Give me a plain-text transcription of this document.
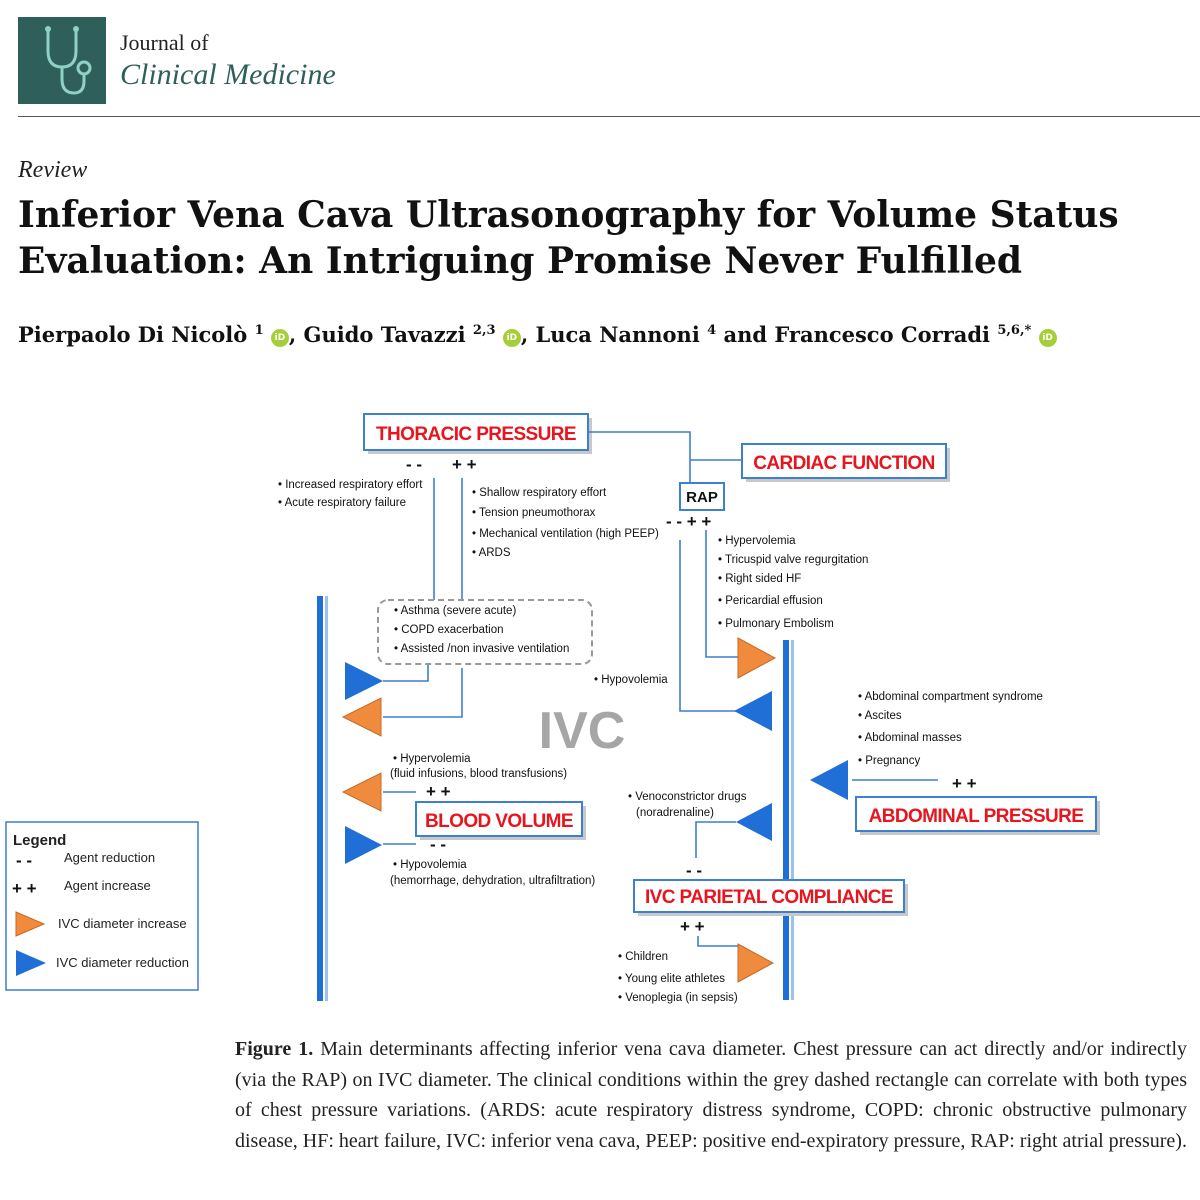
Journal of
Clinical Medicine
Review
Inferior Vena Cava Ultrasonography for Volume Status Evaluation: An Intriguing Promise Never Fulfilled
Pierpaolo Di Nicolò $^1$ iD , Guido Tavazzi $^{2,3}$ iD , Luca Nannoni $^4$ and Francesco Corradi $^{5,6,*}$ iD
IVC
THORACIC PRESSURE
- - + +	CARDIAC FUNCTION
RAP
- - + +
• Increased respiratory effort
• Acute respiratory failure
• Shallow respiratory effort
• Tension pneumothorax
• Mechanical ventilation (high PEEP)
• ARDS
• Asthma (severe acute)
• COPD exacerbation
• Assisted /non invasive ventilation
• Hypervolemia
• Tricuspid valve regurgitation
• Right sided HF
• Pericardial effusion
• Pulmonary Embolism
• Hypovolemia
• Abdominal compartment syndrome
• Ascites
• Abdominal masses
• Pregnancy
+ +
ABDOMINAL PRESSURE
• Hypervolemia
(fluid infusions, blood transfusions)
+ +
BLOOD VOLUME
- -
• Hypovolemia
(hemorrhage, dehydration, ultrafiltration)
• Venoconstrictor drugs
(noradrenaline)
- -
IVC PARIETAL COMPLIANCE
+ +
• Children
• Young elite athletes
• Venoplegia (in sepsis)
Legend
- - Agent reduction
+ + Agent increase
IVC diameter increase
IVC diameter reduction
Figure 1. Main determinants affecting inferior vena cava diameter. Chest pressure can act directly and/or indirectly (via the RAP) on IVC diameter. The clinical conditions within the grey dashed rectangle can correlate with both types of chest pressure variations. (ARDS: acute respiratory distress syndrome, COPD: chronic obstructive pulmonary disease, HF: heart failure, IVC: inferior vena cava, PEEP: positive end-expiratory pressure, RAP: right atrial pressure).
